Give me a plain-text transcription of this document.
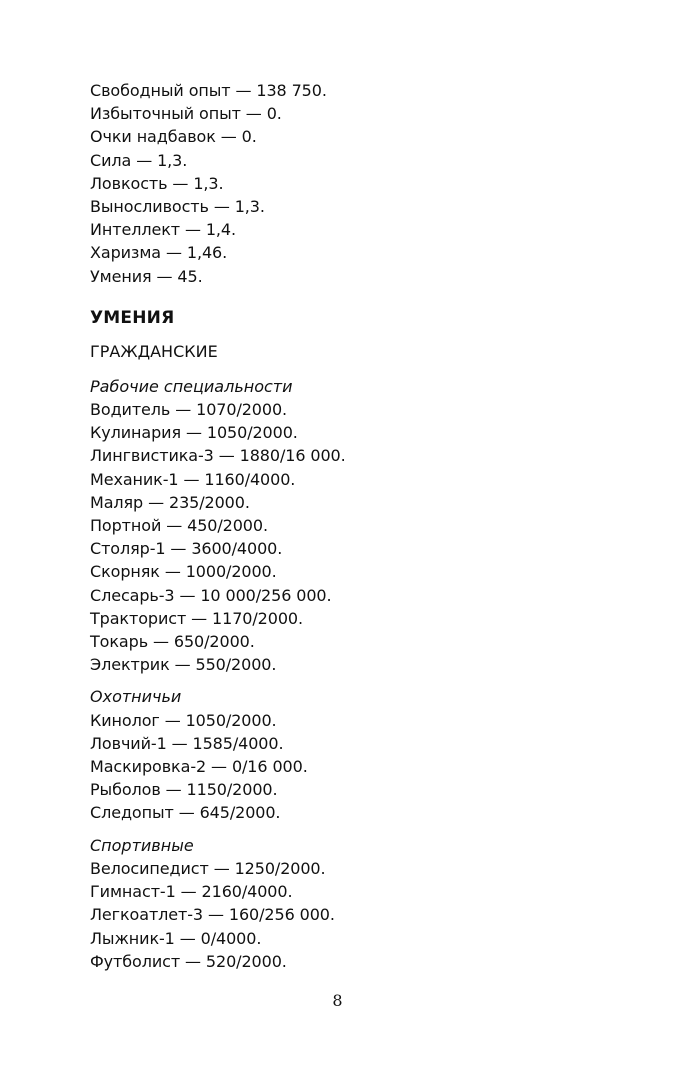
Свободный опыт — 138 750.
Избыточный опыт — 0.
Очки надбавок — 0.
Сила — 1,3.
Ловкость — 1,3.
Выносливость — 1,3.
Интеллект — 1,4.
Харизма — 1,46.
Умения — 45.
УМЕНИЯ
ГРАЖДАНСКИЕ
Рабочие специальности
Водитель — 1070/2000.
Кулинария — 1050/2000.
Лингвистика-3 — 1880/16 000.
Механик-1 — 1160/4000.
Маляр — 235/2000.
Портной — 450/2000.
Столяр-1 — 3600/4000.
Скорняк — 1000/2000.
Слесарь-3 — 10 000/256 000.
Тракторист — 1170/2000.
Токарь — 650/2000.
Электрик — 550/2000.
Охотничьи
Кинолог — 1050/2000.
Ловчий-1 — 1585/4000.
Маскировка-2 — 0/16 000.
Рыболов — 1150/2000.
Следопыт — 645/2000.
Спортивные
Велосипедист — 1250/2000.
Гимнаст-1 — 2160/4000.
Легкоатлет-3 — 160/256 000.
Лыжник-1 — 0/4000.
Футболист — 520/2000.
8
